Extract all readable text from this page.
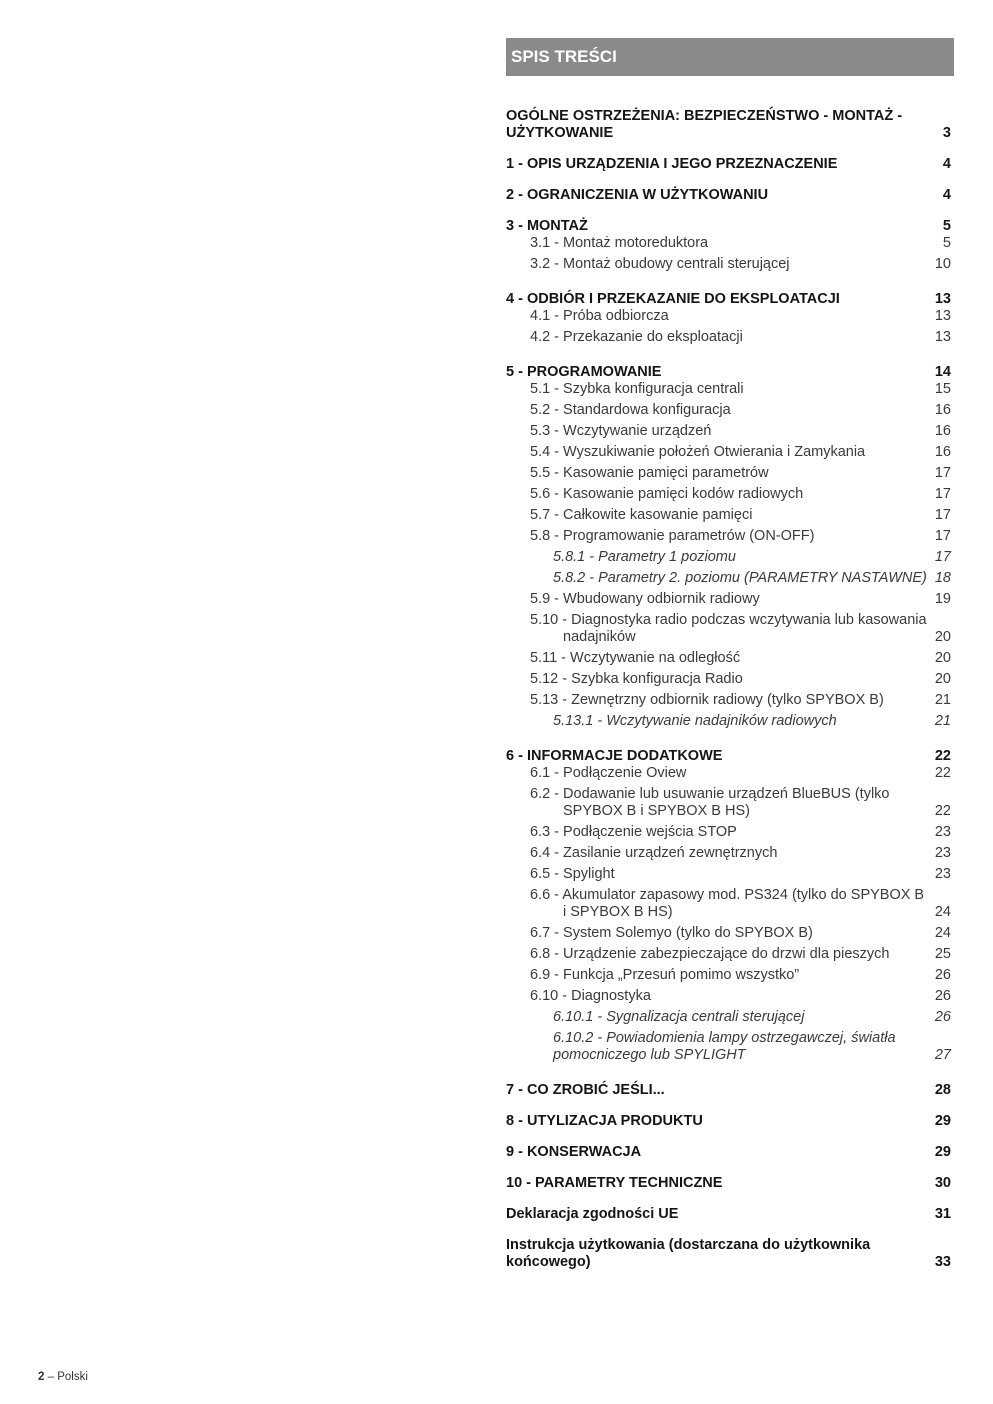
SPIS TREŚCI
OGÓLNE OSTRZEŻENIA: BEZPIECZEŃSTWO - MONTAŻ - UŻYTKOWANIE	3
1 - OPIS URZĄDZENIA I JEGO PRZEZNACZENIE	4
2 - OGRANICZENIA W UŻYTKOWANIU	4
3 - MONTAŻ	5
3.1 - Montaż motoreduktora	5
3.2 - Montaż obudowy centrali sterującej	10
4 - ODBIÓR I PRZEKAZANIE DO EKSPLOATACJI	13
4.1 - Próba odbiorcza	13
4.2 - Przekazanie do eksploatacji	13
5 - PROGRAMOWANIE	14
5.1 - Szybka konfiguracja centrali	15
5.2 - Standardowa konfiguracja	16
5.3 - Wczytywanie urządzeń	16
5.4 - Wyszukiwanie położeń Otwierania i Zamykania	16
5.5 - Kasowanie pamięci parametrów	17
5.6 - Kasowanie pamięci kodów radiowych	17
5.7 - Całkowite kasowanie pamięci	17
5.8 - Programowanie parametrów (ON-OFF)	17
5.8.1 - Parametry 1 poziomu	17
5.8.2 - Parametry 2. poziomu (PARAMETRY NASTAWNE) 18
5.9 - Wbudowany odbiornik radiowy	19
5.10 - Diagnostyka radio podczas wczytywania lub kasowania nadajników	20
5.11 - Wczytywanie na odległość	20
5.12 - Szybka konfiguracja Radio	20
5.13 - Zewnętrzny odbiornik radiowy (tylko SPYBOX B)	21
5.13.1 - Wczytywanie nadajników radiowych	21
6 - INFORMACJE DODATKOWE	22
6.1 - Podłączenie Oview	22
6.2 - Dodawanie lub usuwanie urządzeń BlueBUS (tylko SPYBOX B i SPYBOX B HS)	22
6.3 - Podłączenie wejścia STOP	23
6.4 - Zasilanie urządzeń zewnętrznych	23
6.5 - Spylight	23
6.6 - Akumulator zapasowy mod. PS324 (tylko do SPYBOX B i SPYBOX B HS)	24
6.7 - System Solemyo (tylko do SPYBOX B)	24
6.8 - Urządzenie zabezpieczające do drzwi dla pieszych	25
6.9 - Funkcja „Przesuń pomimo wszystko”	26
6.10 - Diagnostyka	26
6.10.1 - Sygnalizacja centrali sterującej	26
6.10.2 - Powiadomienia lampy ostrzegawczej, światła pomocniczego lub SPYLIGHT	27
7 - CO ZROBIĆ JEŚLI...	28
8 - UTYLIZACJA PRODUKTU	29
9 - KONSERWACJA	29
10 - PARAMETRY TECHNICZNE	30
Deklaracja zgodności UE	31
Instrukcja użytkowania (dostarczana do użytkownika końcowego)	33
2 – Polski
